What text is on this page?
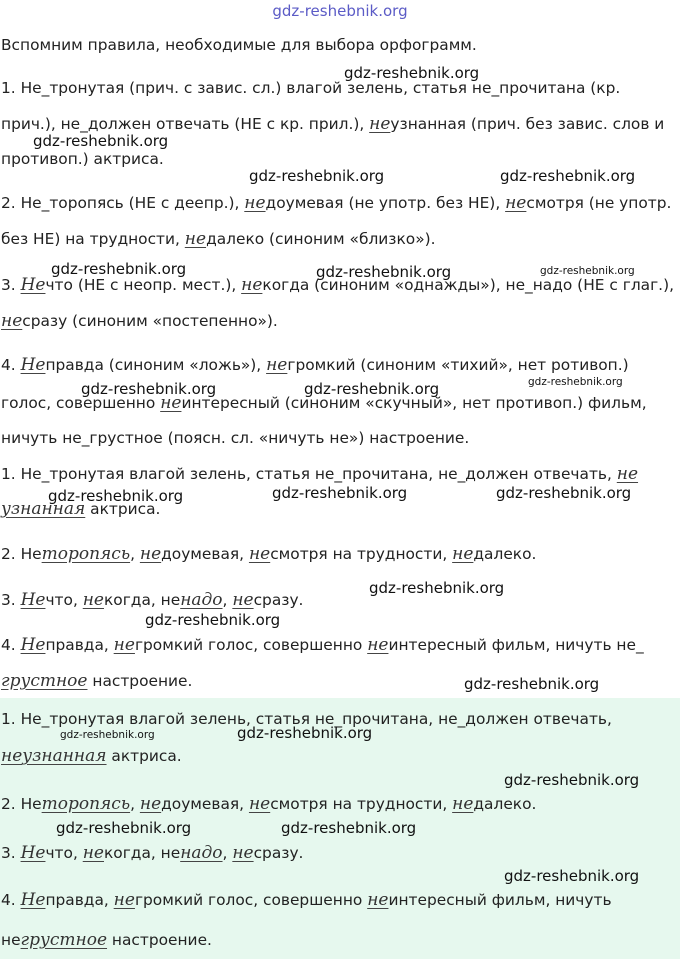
gdz-reshebnik.org
Вспомним правила, необходимые для выбора орфограмм.
1. Не_тронутая (прич. с завис. сл.) влагой зелень, статья не_прочитана (кр.
прич.), не_должен отвечать (НЕ с кр. прил.), неузнанная (прич. без завис. слов и
противоп.) актриса.
2. Не_торопясь (НЕ с деепр.), недоумевая (не употр. без НЕ), несмотря (не употр.
без НЕ) на трудности, недалеко (синоним «близко»).
3. Нечто (НЕ с неопр. мест.), некогда (синоним «однажды»), не_надо (НЕ с глаг.),
несразу (синоним «постепенно»).
4. Неправда (синоним «ложь»), негромкий (синоним «тихий», нет ротивоп.)
голос, совершенно неинтересный (синоним «скучный», нет противоп.) фильм,
ничуть не_грустное (поясн. сл. «ничуть не») настроение.
1. Не_тронутая влагой зелень, статья не_прочитана, не_должен отвечать, не
узнанная актриса.
2. Неторопясь, недоумевая, несмотря на трудности, недалеко.
3. Нечто, некогда, ненадо, несразу.
4. Неправда, негромкий голос, совершенно неинтересный фильм, ничуть не_
грустное настроение.
1. Не_тронутая влагой зелень, статья не_прочитана, не_должен отвечать,
неузнанная актриса.
2. Неторопясь, недоумевая, несмотря на трудности, недалеко.
3. Нечто, некогда, ненадо, несразу.
4. Неправда, негромкий голос, совершенно неинтересный фильм, ничуть
негрустное настроение.
gdz-reshebnik.org
gdz-reshebnik.org
gdz-reshebnik.org	gdz-reshebnik.org
gdz-reshebnik.org	gdz-reshebnik.org	gdz-reshebnik.org
gdz-reshebnik.org	gdz-reshebnik.org	gdz-reshebnik.org
gdz-reshebnik.org	gdz-reshebnik.org	gdz-reshebnik.org
gdz-reshebnik.org
gdz-reshebnik.org
gdz-reshebnik.org
gdz-reshebnik.org	gdz-reshebnik.org
gdz-reshebnik.org
gdz-reshebnik.org	gdz-reshebnik.org
gdz-reshebnik.org
